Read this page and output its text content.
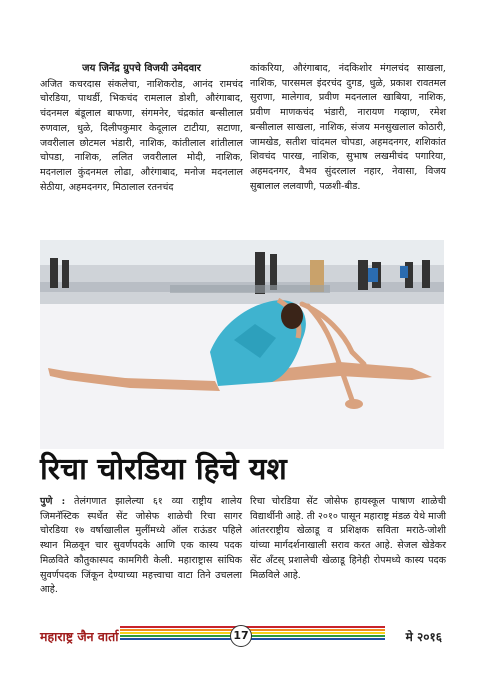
जय जिनेंद्र ग्रुपचे विजयी उमेदवार
अजित कचरदास संकलेचा, नाशिकरोड, आनंद रामचंद चोरडिया, पाथर्डी, भिकचंद रामलाल डोशी, औरंगाबाद, चंदनमल बंडूलाल बाफणा, संगमनेर, चंद्रकांत बन्सीलाल रुणवाल, धुळे, दिलीपकुमार केदूलाल टाटीया, सटाणा, जवरीलाल छोटमल भंडारी, नाशिक, कांतीलाल शांतीलाल चोपडा, नाशिक, ललित जवरीलाल मोदी, नाशिक, मदनलाल कुंदनमल लोढा, औरंगाबाद, मनोज मदनलाल सेठीया, अहमदनगर, मिठालाल रतनचंद
कांकरिया, औरंगाबाद, नंदकिशोर मंगलचंद साखला, नाशिक, पारसमल इंदरचंद दुगड, धुळे, प्रकाश रावतमल सुराणा, मालेगाव, प्रवीण मदनलाल खाबिया, नाशिक, प्रवीण माणकचंद भंडारी, नारायण गव्हाण, रमेश बन्सीलाल साखला, नाशिक, संजय मनसुखलाल कोठारी, जामखेड, सतीश चांदमल चोपडा, अहमदनगर, शशिकांत शिवचंद पारख, नाशिक, सुभाष लखमीचंद पगारिया, अहमदनगर, वैभव सुंदरलाल नहार, नेवासा, विजय सुबालाल ललवाणी, पळशी-बीड.
रिचा चोरडिया हिचे यश
पुणे : तेलंगणात झालेल्या ६१ व्या राष्ट्रीय शालेय जिमनॅस्टिक स्पर्धेत सेंट जोसेफ शाळेची रिचा सागर चोरडिया १७ वर्षाखालील मुलींमध्ये ऑल राऊंडर पहिले स्थान मिळवून चार सुवर्णपदके आणि एक कास्य पदक मिळविते कौतुकास्पद कामगिरी केली. महाराष्ट्रास सांघिक सुवर्णपदक जिंकून देण्याच्या महत्त्वाचा वाटा तिने उचलला आहे.
रिचा चोरडिया सेंट जोसेफ हायस्कूल पाषाण शाळेची विद्यार्थीनी आहे. ती २०१० पासून महाराष्ट्र मंडळ येथे माजी आंतरराष्ट्रीय खेळाडू व प्रशिक्षक सविता मराठे-जोशी यांच्या मार्गदर्शनाखाली सराव करत आहे. सेजल खेडेकर सेंट ॲंटस् प्रशालेची खेळाडू हिनेही रोपमध्ये कास्य पदक मिळविले आहे.
महाराष्ट्र जैन वार्ता	17	मे २०१६
